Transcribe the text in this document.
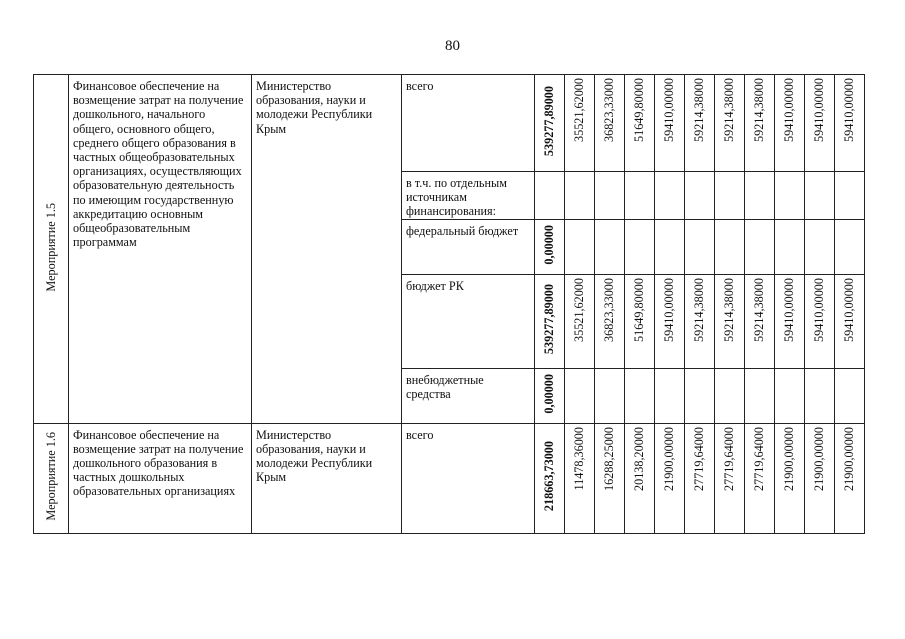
80
Мероприятие 1.5	Финансовое обеспечение на возмещение затрат на получение дошкольного, начального общего, основного общего, среднего общего образования в частных общеобразовательных организациях, осуществляющих образовательную деятельность по имеющим государственную аккредитацию основным общеобразовательным программам	Министерство образования, науки и молодежи Республики Крым	всего	539277,89000	35521,62000	36823,33000	51649,80000	59410,00000	59214,38000	59214,38000	59214,38000	59410,00000	59410,00000	59410,00000

			в т.ч. по отдельным источникам финансирования:											

			федеральный бюджет	0,00000										

			бюджет РК	539277,89000	35521,62000	36823,33000	51649,80000	59410,00000	59214,38000	59214,38000	59214,38000	59410,00000	59410,00000	59410,00000

			внебюджетные средства	0,00000										
Мероприятие 1.6	Финансовое обеспечение на возмещение затрат на получение дошкольного образования в частных дошкольных образовательных организациях	Министерство образования, науки и молодежи Республики Крым	всего	218663,73000	11478,36000	16288,25000	20138,20000	21900,00000	27719,64000	27719,64000	27719,64000	21900,00000	21900,00000	21900,00000
